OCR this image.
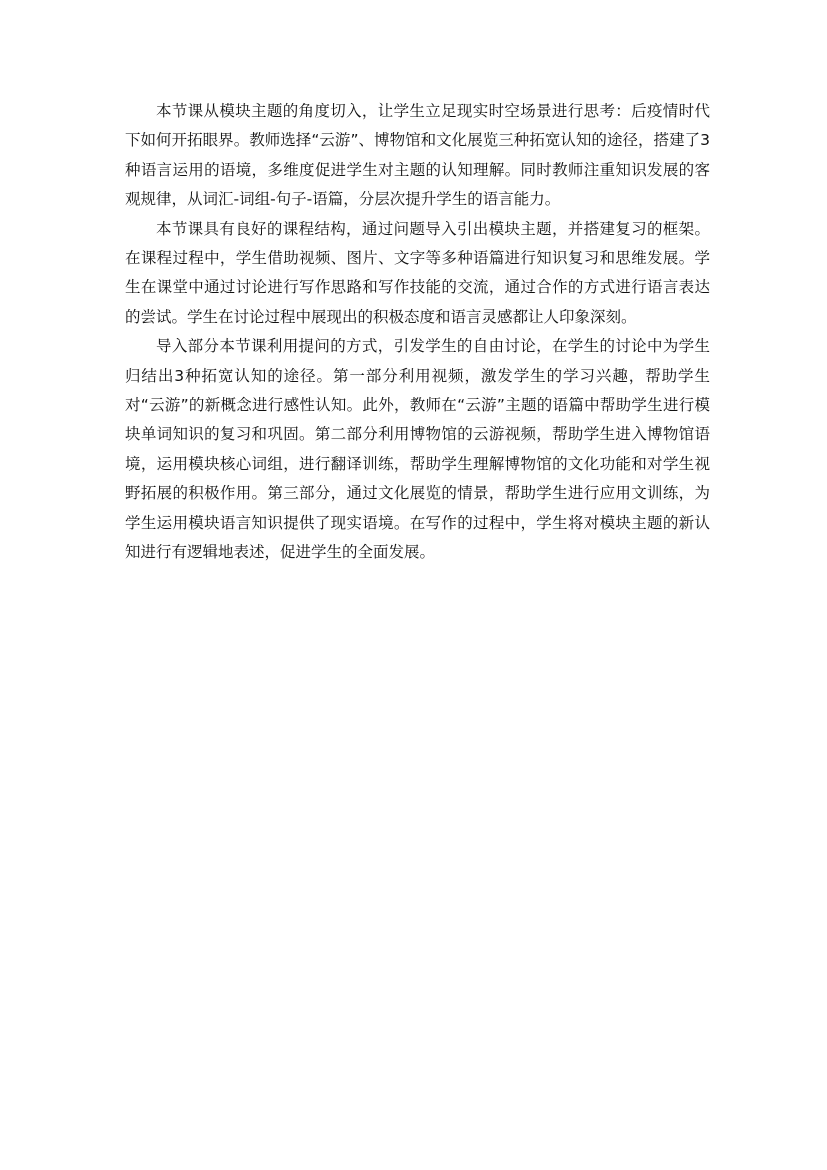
本节课从模块主题的角度切入，让学生立足现实时空场景进行思考：后疫情时代下如何开拓眼界。教师选择“云游”、博物馆和文化展览三种拓宽认知的途径，搭建了3种语言运用的语境，多维度促进学生对主题的认知理解。同时教师注重知识发展的客观规律，从词汇-词组-句子-语篇，分层次提升学生的语言能力。

本节课具有良好的课程结构，通过问题导入引出模块主题，并搭建复习的框架。在课程过程中，学生借助视频、图片、文字等多种语篇进行知识复习和思维发展。学生在课堂中通过讨论进行写作思路和写作技能的交流，通过合作的方式进行语言表达的尝试。学生在讨论过程中展现出的积极态度和语言灵感都让人印象深刻。

导入部分本节课利用提问的方式，引发学生的自由讨论，在学生的讨论中为学生归结出3种拓宽认知的途径。第一部分利用视频，激发学生的学习兴趣，帮助学生对“云游”的新概念进行感性认知。此外，教师在“云游”主题的语篇中帮助学生进行模块单词知识的复习和巩固。第二部分利用博物馆的云游视频，帮助学生进入博物馆语境，运用模块核心词组，进行翻译训练，帮助学生理解博物馆的文化功能和对学生视野拓展的积极作用。第三部分，通过文化展览的情景，帮助学生进行应用文训练，为学生运用模块语言知识提供了现实语境。在写作的过程中，学生将对模块主题的新认知进行有逻辑地表述，促进学生的全面发展。
